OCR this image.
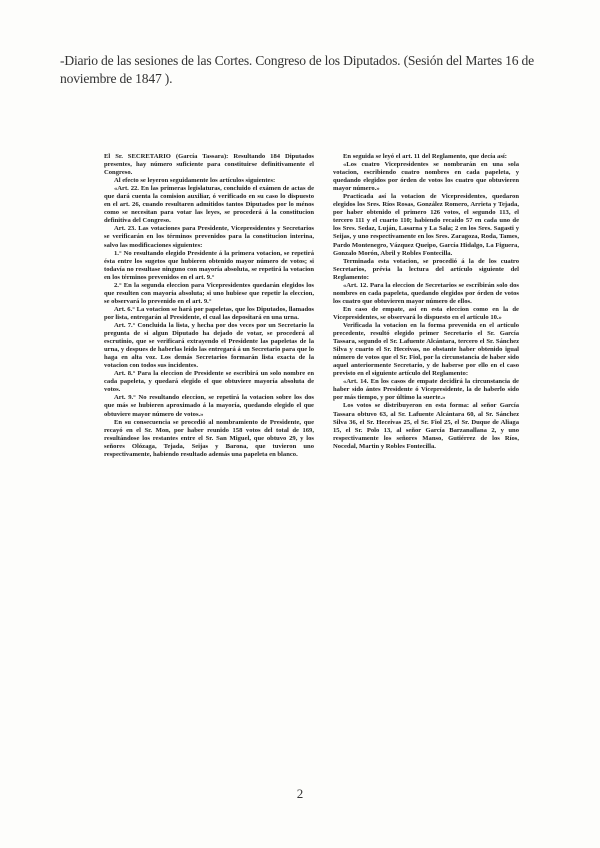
-Diario de las sesiones de las Cortes. Congreso de los Diputados. (Sesión del Martes 16 de noviembre de 1847 ).

El Sr. SECRETARIO (García Tassara): Resultando 184 Diputados presentes, hay número suficiente para constituirse definitivamente el Congreso.

Al efecto se leyeron seguidamente los artículos siguientes:

«Art. 22. En las primeras legislaturas, concluido el exámen de actas de que dará cuenta la comision auxiliar, ó verificado en su caso lo dispuesto en el art. 26, cuando resultaren admitidos tantos Diputados por lo ménos como se necesitan para votar las leyes, se procederá á la constitucion definitiva del Congreso.

Art. 23. Las votaciones para Presidente, Vicepresidentes y Secretarios se verificarán en los términos prevenidos para la constitucion interina, salvo las modificaciones siguientes:

1.° No resultando elegido Presidente á la primera votacion, se repetirá ésta entre los sugetos que hubieren obtenido mayor número de votos; si todavía no resultase ninguno con mayoría absoluta, se repetirá la votacion en los términos prevenidos en el art. 9.°

2.° En la segunda eleccion para Vicepresidentes quedarán elegidos los que resulten con mayoría absoluta; si uno hubiese que repetir la eleccion, se observará lo prevenido en el art. 9.°

Art. 6.° La votacion se hará por papeletas, que los Diputados, llamados por lista, entregarán al Presidente, el cual las depositará en una urna.

Art. 7.° Concluida la lista, y hecha por dos veces por un Secretario la pregunta de si algun Diputado ha dejado de votar, se procederá al escrutinio, que se verificará extrayendo el Presidente las papeletas de la urna, y despues de haberlas leído las entregará á un Secretario para que lo haga en alta voz. Los demás Secretarios formarán lista exacta de la votacion con todos sus incidentes.

Art. 8.° Para la eleccion de Presidente se escribirá un solo nombre en cada papeleta, y quedará elegido el que obtuviere mayoría absoluta de votos.

Art. 9.° No resultando eleccion, se repetirá la votacion sobre los dos que más se hubieren aproximado á la mayoría, quedando elegido el que obtuviere mayor número de votos.»

En su consecuencia se procedió al nombramiento de Presidente, que recayó en el Sr. Mon, por haber reunido 158 votos del total de 169, resultándose los restantes entre el Sr. San Miguel, que obtuvo 29, y los señores Olózaga, Tejada, Seijas y Barona, que tuvieron uno respectivamente, habiendo resultado además una papeleta en blanco.

En seguida se leyó el art. 11 del Reglamento, que decía así:

«Los cuatro Vicepresidentes se nombrarán en una sola votacion, escribiendo cuatro nombres en cada papeleta, y quedando elegidos por órden de votos los cuatro que obtuvieren mayor número.»

Practicada así la votacion de Vicepresidentes, quedaron elegidos los Sres. Ríos Rosas, González Romero, Arrieta y Tejada, por haber obtenido el primero 126 votos, el segundo 113, el tercero 111 y el cuarto 110; habiendo recaido 57 en cada uno de los Sres. Sedaz, Luján, Lasarna y La Sala; 2 en los Sres. Sagasti y Seijas, y uno respectivamente en los Sres. Zaragoza, Roda, Tames, Pardo Montenegro, Vázquez Queipo, García Hidalgo, La Figuera, Gonzalo Morón, Abril y Robles Fontecilla.

Terminada esta votacion, se procedió á la de los cuatro Secretarios, prévia la lectura del artículo siguiente del Reglamento:

«Art. 12. Para la eleccion de Secretarios se escribirán solo dos nombres en cada papeleta, quedando elegidos por órden de votos los cuatro que obtuvieren mayor número de ellos.

En caso de empate, así en esta eleccion como en la de Vicepresidentes, se observará lo dispuesto en el artículo 10.»

Verificada la votacion en la forma prevenida en el artículo precedente, resultó elegido primer Secretario el Sr. García Tassara, segundo el Sr. Lafuente Alcántara, tercero el Sr. Sánchez Silva y cuarto el Sr. Heceivas, no obstante haber obtenido igual número de votos que el Sr. Fiol, por la circunstancia de haber sido aquel anteriormente Secretario, y de haberse por ello en el caso previsto en el siguiente artículo del Reglamento:

«Art. 14. En los casos de empate decidirá la circunstancia de haber sido ántes Presidente ó Vicepresidente, la de haberlo sido por más tiempo, y por último la suerte.»

Los votos se distribuyeron en esta forma: al señor García Tassara obtuvo 63, al Sr. Lafuente Alcántara 60, al Sr. Sánchez Silva 36, el Sr. Heceivas 25, el Sr. Fiol 25, el Sr. Duque de Aliaga 15, el Sr. Polo 13, al señor García Barzanallana 2, y uno respectivamente los señores Manso, Gutiérrez de los Ríos, Nocedal, Martin y Robles Fontecilla.

2
